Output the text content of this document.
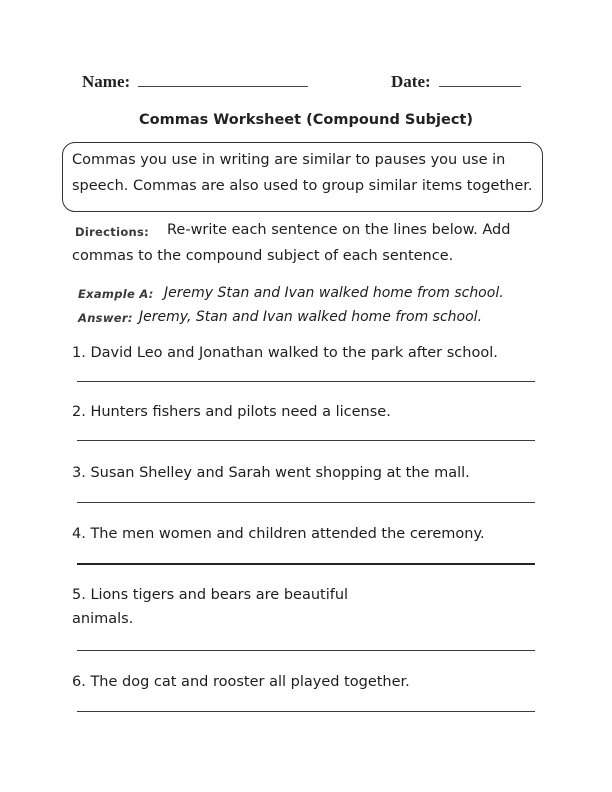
Name:	Date:
Commas Worksheet (Compound Subject)
Commas you use in writing are similar to pauses you use in
speech. Commas are also used to group similar items together.
Directions: Re-write each sentence on the lines below. Add
commas to the compound subject of each sentence.
Example A: Jeremy Stan and Ivan walked home from school.
Answer: Jeremy, Stan and Ivan walked home from school.
1. David Leo and Jonathan walked to the park after school.
2. Hunters fishers and pilots need a license.
3. Susan Shelley and Sarah went shopping at the mall.
4. The men women and children attended the ceremony.
5. Lions tigers and bears are beautiful
animals.
6. The dog cat and rooster all played together.
